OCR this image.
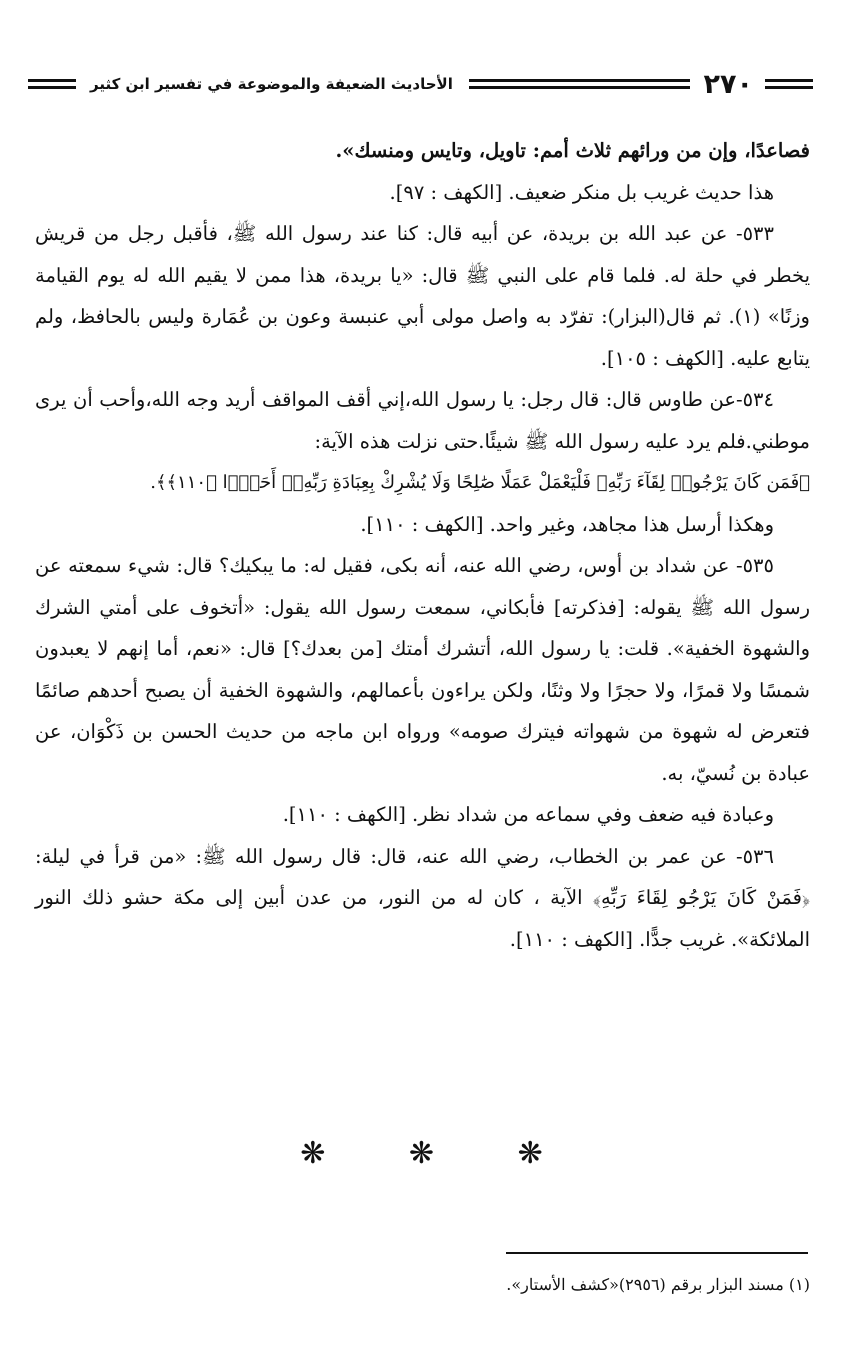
٢٧٠
الأحاديث الضعيفة والموضوعة في تفسير ابن كثير

فصاعدًا، وإن من ورائهم ثلاث أمم: تاويل، وتايس ومنسك».

هذا حديث غريب بل منكر ضعيف. [الكهف : ٩٧].

٥٣٣- عن عبد الله بن بريدة، عن أبيه قال: كنا عند رسول الله ﷺ، فأقبل رجل من قريش يخطر في حلة له. فلما قام على النبي ﷺ قال: «يا بريدة، هذا ممن لا يقيم الله له يوم القيامة وزنًا» (١). ثم قال(البزار): تفرّد به واصل مولى أبي عنبسة وعون بن عُمَارة وليس بالحافظ، ولم يتابع عليه. [الكهف : ١٠٥].

٥٣٤-عن طاوس قال: قال رجل: يا رسول الله،إني أقف المواقف أريد وجه الله،وأحب أن يرى موطني.فلم يرد عليه رسول الله ﷺ شيئًا.حتى نزلت هذه الآية:

﴿فَمَن كَانَ يَرْجُوا۟ لِقَآءَ رَبِّهِۦ فَلْيَعْمَلْ عَمَلًا صَٰلِحًا وَلَا يُشْرِكْ بِعِبَادَةِ رَبِّهِۦٓ أَحَدًۢا ﴿١١٠﴾﴾.

وهكذا أرسل هذا مجاهد، وغير واحد. [الكهف : ١١٠].

٥٣٥- عن شداد بن أوس، رضي الله عنه، أنه بكى، فقيل له: ما يبكيك؟ قال: شيء سمعته عن رسول الله ﷺ يقوله: [فذكرته] فأبكاني، سمعت رسول الله يقول: «أتخوف على أمتي الشرك والشهوة الخفية». قلت: يا رسول الله، أتشرك أمتك [من بعدك؟] قال: «نعم، أما إنهم لا يعبدون شمسًا ولا قمرًا، ولا حجرًا ولا وثنًا، ولكن يراءون بأعمالهم، والشهوة الخفية أن يصبح أحدهم صائمًا فتعرض له شهوة من شهواته فيترك صومه» ورواه ابن ماجه من حديث الحسن بن ذَكْوَان، عن عبادة بن نُسيّ، به.

وعبادة فيه ضعف وفي سماعه من شداد نظر. [الكهف : ١١٠].

٥٣٦- عن عمر بن الخطاب، رضي الله عنه، قال: قال رسول الله ﷺ: «من قرأ في ليلة: ﴿فَمَنْ كَانَ يَرْجُو لِقَاءَ رَبِّهِ﴾ الآية ، كان له من النور، من عدن أبين إلى مكة حشو ذلك النور الملائكة». غريب جدًّا. [الكهف : ١١٠].

❋ ❋ ❋
(١) مسند البزار برقم (٢٩٥٦)«كشف الأستار».
